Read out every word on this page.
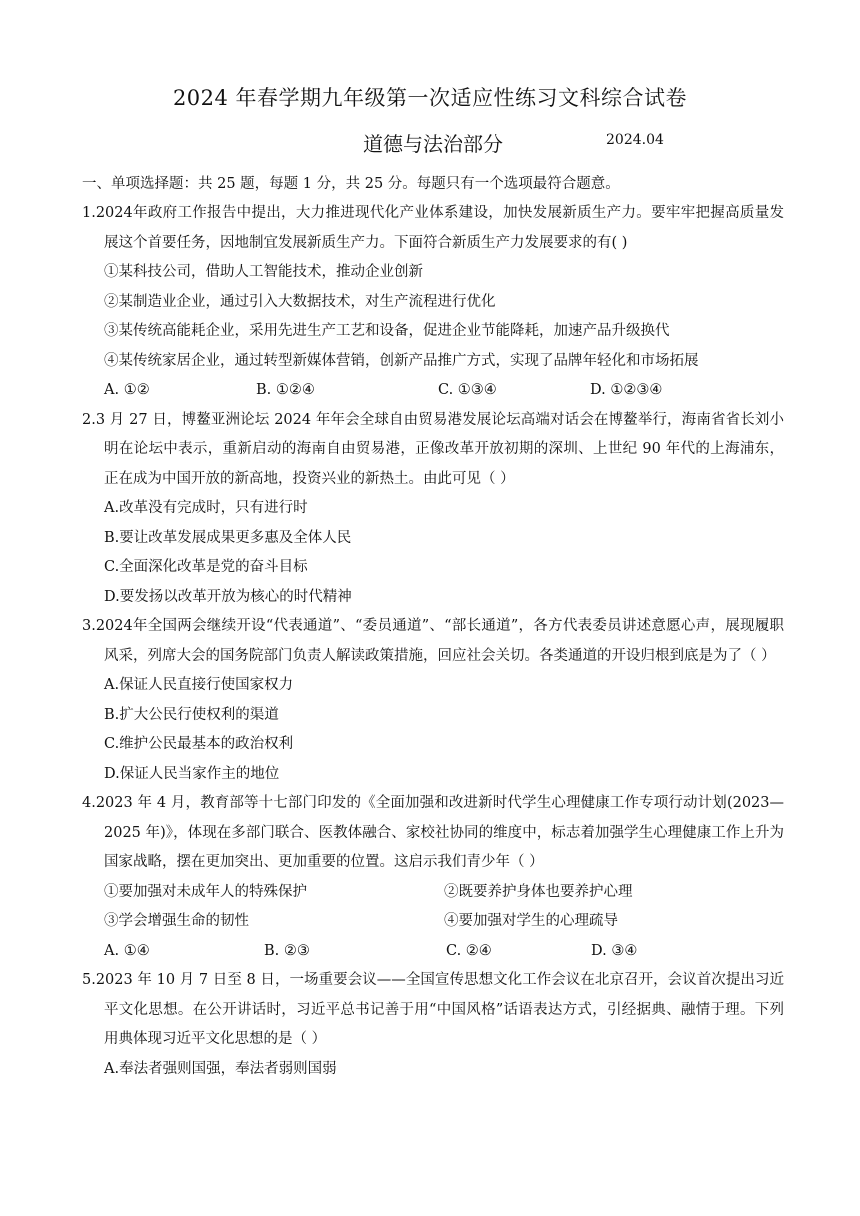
2024 年春学期九年级第一次适应性练习文科综合试卷
道德与法治部分	2024.04
一、单项选择题：共 25 题，每题 1 分，共 25 分。每题只有一个选项最符合题意。
1.2024年政府工作报告中提出，大力推进现代化产业体系建设，加快发展新质生产力。要牢牢把握高质量发展这个首要任务，因地制宜发展新质生产力。下面符合新质生产力发展要求的有( )
①某科技公司，借助人工智能技术，推动企业创新
②某制造业企业，通过引入大数据技术，对生产流程进行优化
③某传统高能耗企业，采用先进生产工艺和设备，促进企业节能降耗，加速产品升级换代
④某传统家居企业，通过转型新媒体营销，创新产品推广方式，实现了品牌年轻化和市场拓展
A. ①②	B. ①②④	C. ①③④	D. ①②③④
2.3 月 27 日，博鳌亚洲论坛 2024 年年会全球自由贸易港发展论坛高端对话会在博鳌举行，海南省省长刘小明在论坛中表示，重新启动的海南自由贸易港，正像改革开放初期的深圳、上世纪 90 年代的上海浦东，正在成为中国开放的新高地，投资兴业的新热土。由此可见（ ）
A.改革没有完成时，只有进行时
B.要让改革发展成果更多惠及全体人民
C.全面深化改革是党的奋斗目标
D.要发扬以改革开放为核心的时代精神
3.2024年全国两会继续开设“代表通道”、“委员通道”、“部长通道”，各方代表委员讲述意愿心声，展现履职风采，列席大会的国务院部门负责人解读政策措施，回应社会关切。各类通道的开设归根到底是为了（ ）
A.保证人民直接行使国家权力
B.扩大公民行使权利的渠道
C.维护公民最基本的政治权利
D.保证人民当家作主的地位
4.2023 年 4 月，教育部等十七部门印发的《全面加强和改进新时代学生心理健康工作专项行动计划(2023—2025 年)》，体现在多部门联合、医教体融合、家校社协同的维度中，标志着加强学生心理健康工作上升为国家战略，摆在更加突出、更加重要的位置。这启示我们青少年（ ）
①要加强对未成年人的特殊保护	②既要养护身体也要养护心理
③学会增强生命的韧性	④要加强对学生的心理疏导
A. ①④	B. ②③	C. ②④	D. ③④
5.2023 年 10 月 7 日至 8 日，一场重要会议——全国宣传思想文化工作会议在北京召开，会议首次提出习近平文化思想。在公开讲话时，习近平总书记善于用“中国风格”话语表达方式，引经据典、融情于理。下列用典体现习近平文化思想的是（ ）
A.奉法者强则国强，奉法者弱则国弱
